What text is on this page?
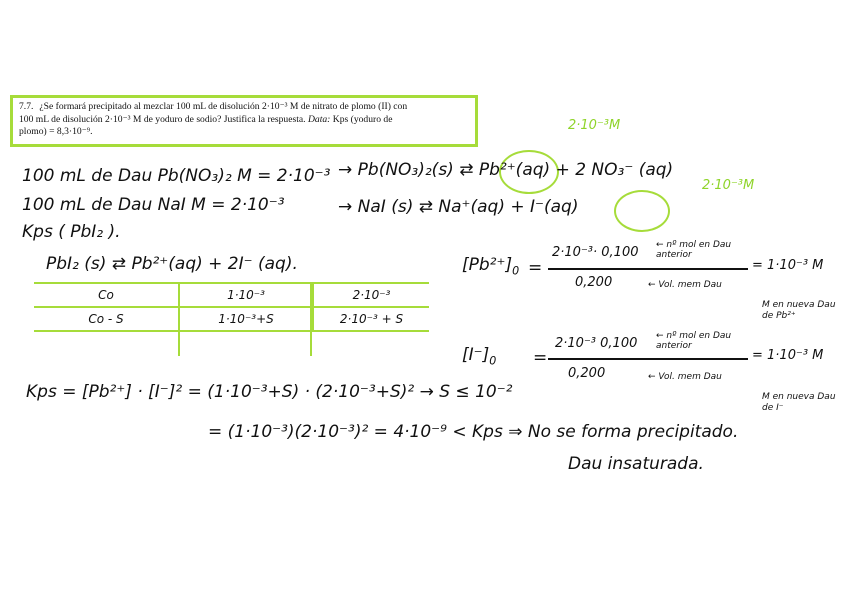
7.7. ¿Se formará precipitado al mezclar 100 mL de disolución 2·10⁻³ M de nitrato de plomo (II) con
100 mL de disolución 2·10⁻³ M de yoduro de sodio? Justifica la respuesta. Data: Kps (yoduro de
plomo) = 8,3·10⁻⁹.	2·10⁻³M
2·10⁻³M
100 mL de Dau Pb(NO₃)₂ M = 2·10⁻³ → Pb(NO₃)₂(s) ⇄ Pb²⁺(aq) + 2 NO₃⁻ (aq)
100 mL de Dau NaI M = 2·10⁻³	→ NaI (s) ⇄ Na⁺(aq) + I⁻(aq)
Kps ( PbI₂ ).
PbI₂ (s) ⇄ Pb²⁺(aq) + 2I⁻ (aq).
Co	1·10⁻³	2·10⁻³
Co - S	1·10⁻³+S	2·10⁻³ + S
$[Pb^{2+}]_0$ =
2·10⁻³· 0,100
0,200
← nº mol en Dau anterior
← Vol. mem Dau
= 1·10⁻³ M
M en nueva Dau de Pb²⁺
$[I^-]_0$ =
2·10⁻³ 0,100
0,200
← nº mol en Dau anterior
← Vol. mem Dau
= 1·10⁻³ M
M en nueva Dau de I⁻
Kps = [Pb²⁺] · [I⁻]² = (1·10⁻³+S) · (2·10⁻³+S)² → S ≤ 10⁻²
= (1·10⁻³)(2·10⁻³)² = 4·10⁻⁹ < Kps ⇒ No se forma precipitado.
Dau insaturada.
